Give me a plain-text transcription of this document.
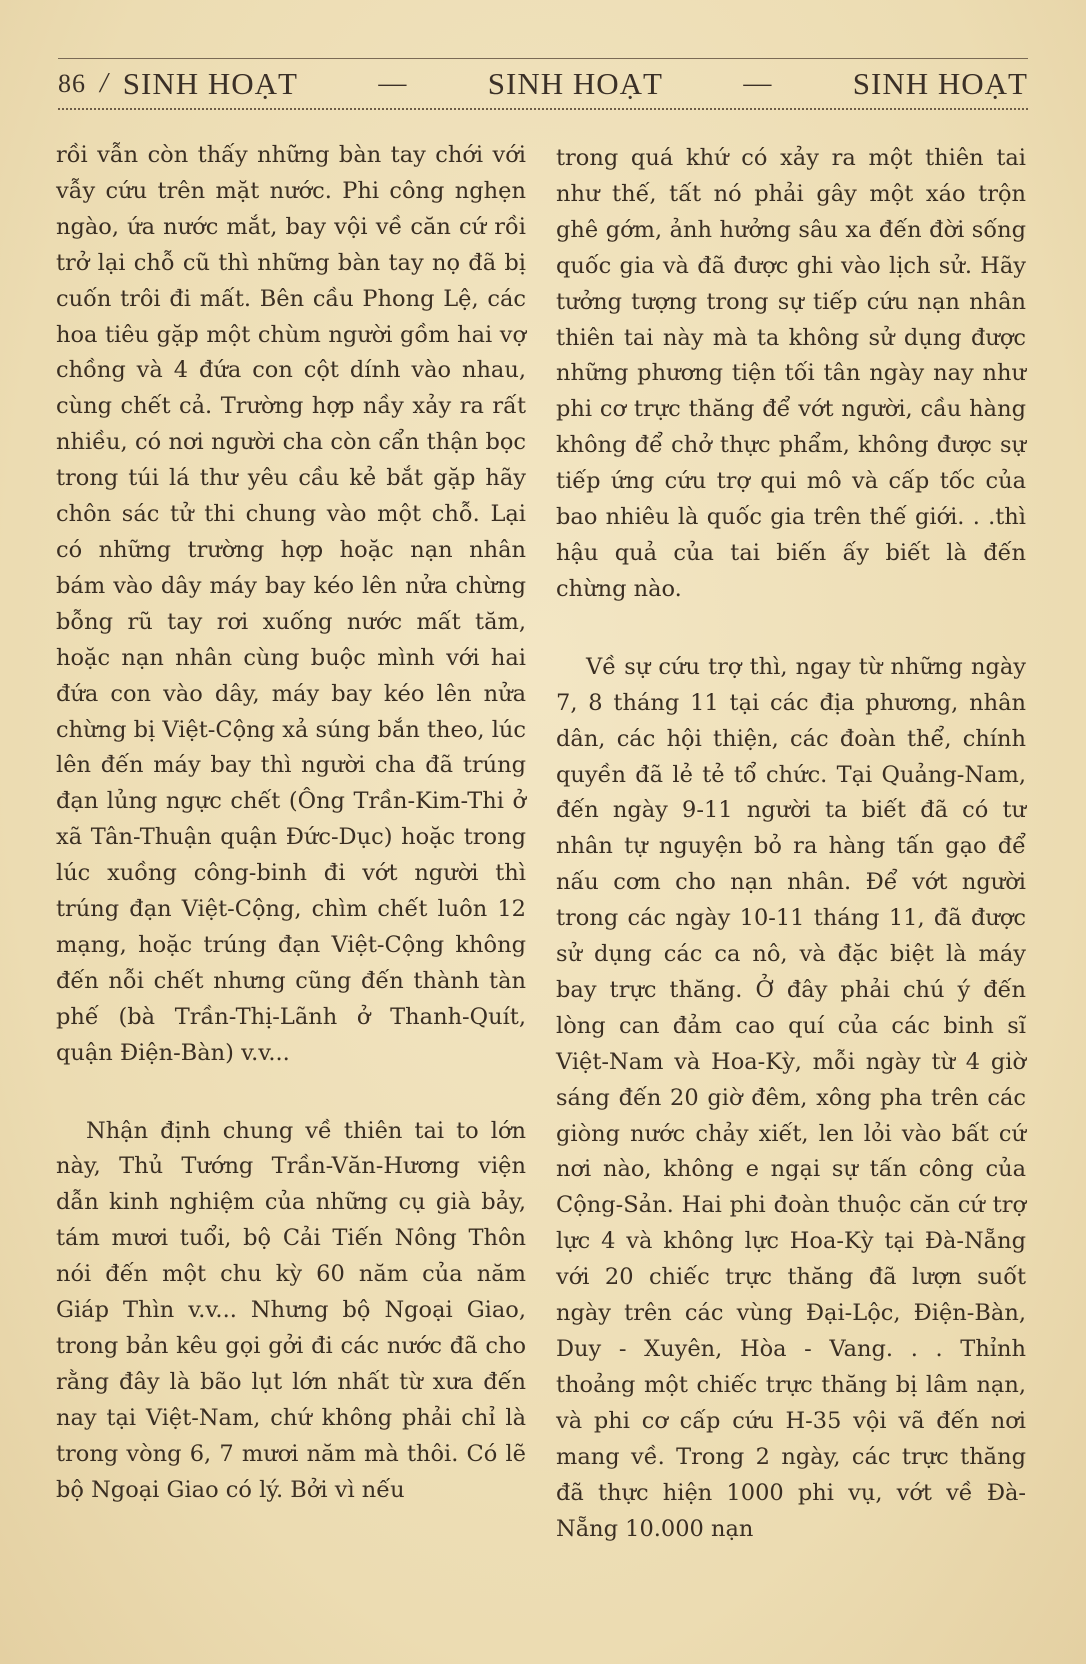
86 / SINH HOẠT	—	SINH HOẠT	—	SINH HOẠT

rồi vẫn còn thấy những bàn tay chới với vẫy cứu trên mặt nước. Phi công nghẹn ngào, ứa nước mắt, bay vội về căn cứ rồi trở lại chỗ cũ thì những bàn tay nọ đã bị cuốn trôi đi mất. Bên cầu Phong Lệ, các hoa tiêu gặp một chùm người gồm hai vợ chồng và 4 đứa con cột dính vào nhau, cùng chết cả. Trường hợp nầy xảy ra rất nhiều, có nơi người cha còn cẩn thận bọc trong túi lá thư yêu cầu kẻ bắt gặp hãy chôn sác tử thi chung vào một chỗ. Lại có những trường hợp hoặc nạn nhân bám vào dây máy bay kéo lên nửa chừng bỗng rũ tay rơi xuống nước mất tăm, hoặc nạn nhân cùng buộc mình với hai đứa con vào dây, máy bay kéo lên nửa chừng bị Việt-Cộng xả súng bắn theo, lúc lên đến máy bay thì người cha đã trúng đạn lủng ngực chết (Ông Trần-Kim-Thi ở xã Tân-Thuận quận Đức-Dục) hoặc trong lúc xuồng công-binh đi vớt người thì trúng đạn Việt-Cộng, chìm chết luôn 12 mạng, hoặc trúng đạn Việt-Cộng không đến nỗi chết nhưng cũng đến thành tàn phế (bà Trần-Thị-Lãnh ở Thanh-Quít, quận Điện-Bàn) v.v...

Nhận định chung về thiên tai to lớn này, Thủ Tướng Trần-Văn-Hương viện dẫn kinh nghiệm của những cụ già bảy, tám mươi tuổi, bộ Cải Tiến Nông Thôn nói đến một chu kỳ 60 năm của năm Giáp Thìn v.v... Nhưng bộ Ngoại Giao, trong bản kêu gọi gởi đi các nước đã cho rằng đây là bão lụt lớn nhất từ xưa đến nay tại Việt-Nam, chứ không phải chỉ là trong vòng 6, 7 mươi năm mà thôi. Có lẽ bộ Ngoại Giao có lý. Bởi vì nếu

trong quá khứ có xảy ra một thiên tai như thế, tất nó phải gây một xáo trộn ghê gớm, ảnh hưởng sâu xa đến đời sống quốc gia và đã được ghi vào lịch sử. Hãy tưởng tượng trong sự tiếp cứu nạn nhân thiên tai này mà ta không sử dụng được những phương tiện tối tân ngày nay như phi cơ trực thăng để vớt người, cầu hàng không để chở thực phẩm, không được sự tiếp ứng cứu trợ qui mô và cấp tốc của bao nhiêu là quốc gia trên thế giới. . .thì hậu quả của tai biến ấy biết là đến chừng nào.

Về sự cứu trợ thì, ngay từ những ngày 7, 8 tháng 11 tại các địa phương, nhân dân, các hội thiện, các đoàn thể, chính quyền đã lẻ tẻ tổ chức. Tại Quảng-Nam, đến ngày 9-11 người ta biết đã có tư nhân tự nguyện bỏ ra hàng tấn gạo để nấu cơm cho nạn nhân. Để vớt người trong các ngày 10-11 tháng 11, đã được sử dụng các ca nô, và đặc biệt là máy bay trực thăng. Ở đây phải chú ý đến lòng can đảm cao quí của các binh sĩ Việt-Nam và Hoa-Kỳ, mỗi ngày từ 4 giờ sáng đến 20 giờ đêm, xông pha trên các giòng nước chảy xiết, len lỏi vào bất cứ nơi nào, không e ngại sự tấn công của Cộng-Sản. Hai phi đoàn thuộc căn cứ trợ lực 4 và không lực Hoa-Kỳ tại Đà-Nẵng với 20 chiếc trực thăng đã lượn suốt ngày trên các vùng Đại-Lộc, Điện-Bàn, Duy - Xuyên, Hòa - Vang. . . Thỉnh thoảng một chiếc trực thăng bị lâm nạn, và phi cơ cấp cứu H-35 vội vã đến nơi mang về. Trong 2 ngày, các trực thăng đã thực hiện 1000 phi vụ, vớt về Đà-Nẵng 10.000 nạn
